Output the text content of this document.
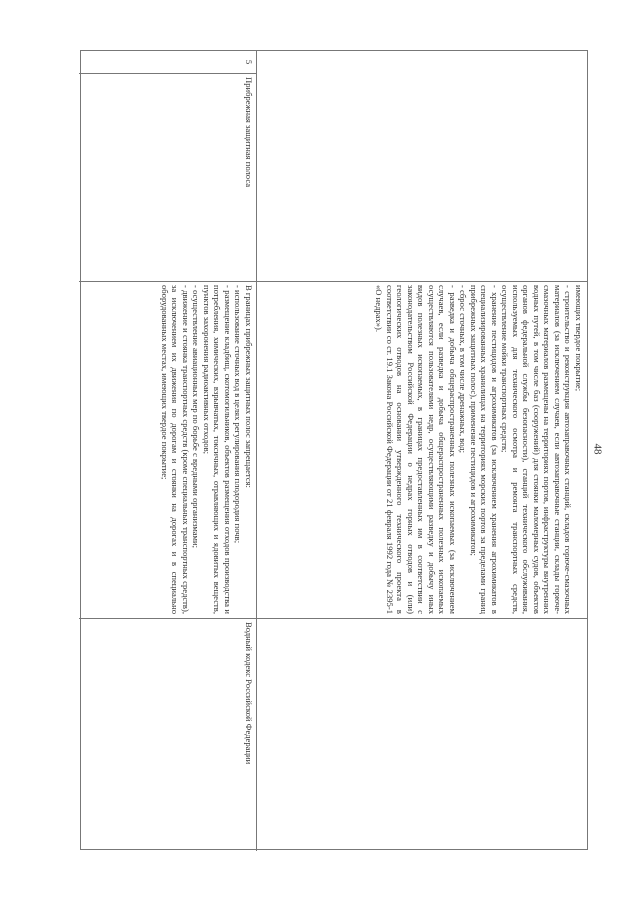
48

имеющих твердое покрытие;

- строительство и реконструкция автозаправочных станций, складов горюче-смазочных материалов (за исключением случаев, если автозаправочные станции, склады горюче-смазочных материалов размещены на территориях портов, инфраструктуры внутренних водных путей, в том числе баз (сооружений) для стоянки маломерных судов, объектов органов федеральной службы безопасности), станций технического обслуживания, используемых для технического осмотра и ремонта транспортных средств, осуществление мойки транспортных средств;

- хранение пестицидов и агрохимикатов (за исключением хранения агрохимикатов в специализированных хранилищах на территориях морских портов за пределами границ прибрежных защитных полос), применение пестицидов и агрохимикатов;

- сброс сточных, в том числе дренажных, вод;

- разведка и добыча общераспространенных полезных ископаемых (за исключением случаев, если разведка и добыча общераспространенных полезных ископаемых осуществляются пользователями недр, осуществляющими разведку и добычу иных видов полезных ископаемых, в границах предоставленных им в соответствии с законодательством Российской Федерации о недрах горных отводов и (или) геологических отводов на основании утвержденного технического проекта в соответствии со ст. 19.1 Закона Российской Федерации от 21 февраля 1992 года № 2395-1 «О недрах»).

5
Прибрежная защитная полоса

В границах прибрежных защитных полос запрещается:

- использование сточных вод в целях регулирования плодородия почв;

- размещение кладбищ, скотомогильников, объектов размещения отходов производства и потребления, химических, взрывчатых, токсичных, отравляющих и ядовитых веществ, пунктов захоронения радиоактивных отходов;

- осуществление авиационных мер по борьбе с вредными организмами;

- движение и стоянка транспортных средств (кроме специальных транспортных средств), за исключением их движения по дорогам и стоянки на дорогах и в специально оборудованных местах, имеющих твердое покрытие;

Водный кодекс Российской Федерации
